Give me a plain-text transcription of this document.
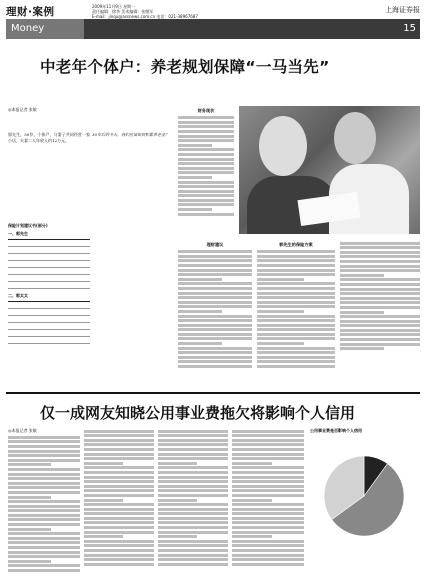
理财·案例	2009年11月9日 星期一
责任编辑：徐李 美术编辑：张继军
E-mail：jinqu@assnews.com.cn 电话：021-38967687
上海证券报
Money	15
中老年个体户：养老规划保障“一马当先”
◎本报记者 张敏
郭先生，50岁，个体户，与妻子共同经营一家小店，夫妻二人年收入约12万元。 　　　　　　　　　　　　　　　　　　　　　　　　　　　　　　　　　　　　　　　　
30年后的今天，我们应该如何积累养老金？
财务现状
理财建议	郭先生的保险方案
保险计划建议书(部分)
一、郭先生
二、郭太太
仅一成网友知晓公用事业费拖欠将影响个人信用
◎本报记者 张敏	公用事业费是否影响个人信用
